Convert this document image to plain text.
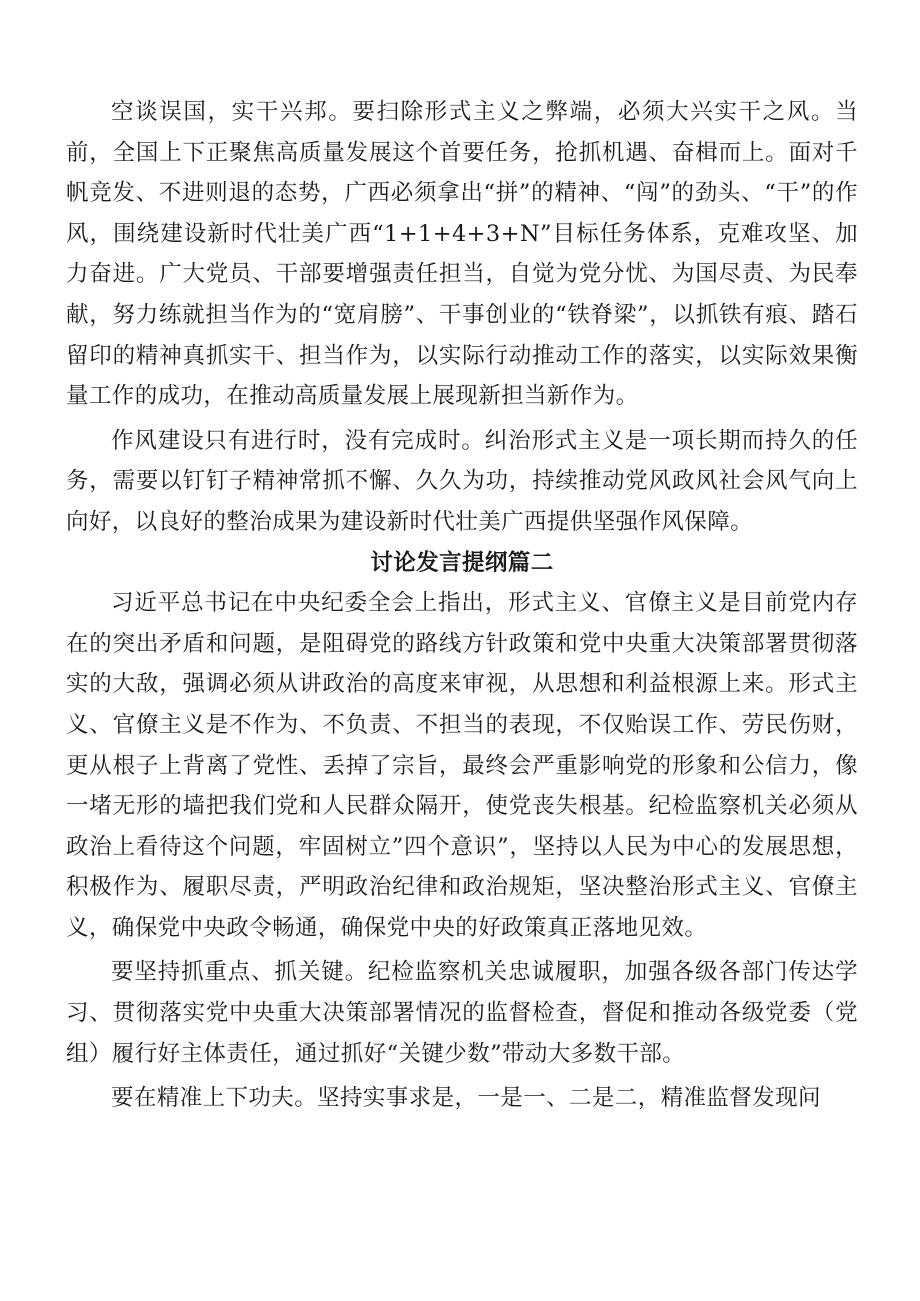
空谈误国，实干兴邦。要扫除形式主义之弊端，必须大兴实干之风。当前，全国上下正聚焦高质量发展这个首要任务，抢抓机遇、奋楫而上。面对千帆竞发、不进则退的态势，广西必须拿出“拼”的精神、“闯”的劲头、“干”的作风，围绕建设新时代壮美广西“1+1+4+3+N”目标任务体系，克难攻坚、加力奋进。广大党员、干部要增强责任担当，自觉为党分忧、为国尽责、为民奉献，努力练就担当作为的“宽肩膀”、干事创业的“铁脊梁”，以抓铁有痕、踏石留印的精神真抓实干、担当作为，以实际行动推动工作的落实，以实际效果衡量工作的成功，在推动高质量发展上展现新担当新作为。

作风建设只有进行时，没有完成时。纠治形式主义是一项长期而持久的任务，需要以钉钉子精神常抓不懈、久久为功，持续推动党风政风社会风气向上向好，以良好的整治成果为建设新时代壮美广西提供坚强作风保障。

讨论发言提纲篇二

习近平总书记在中央纪委全会上指出，形式主义、官僚主义是目前党内存在的突出矛盾和问题，是阻碍党的路线方针政策和党中央重大决策部署贯彻落实的大敌，强调必须从讲政治的高度来审视，从思想和利益根源上来。形式主义、官僚主义是不作为、不负责、不担当的表现，不仅贻误工作、劳民伤财，更从根子上背离了党性、丢掉了宗旨，最终会严重影响党的形象和公信力，像一堵无形的墙把我们党和人民群众隔开，使党丧失根基。纪检监察机关必须从政治上看待这个问题，牢固树立”四个意识”，坚持以人民为中心的发展思想，积极作为、履职尽责，严明政治纪律和政治规矩，坚决整治形式主义、官僚主义，确保党中央政令畅通，确保党中央的好政策真正落地见效。

要坚持抓重点、抓关键。纪检监察机关忠诚履职，加强各级各部门传达学习、贯彻落实党中央重大决策部署情况的监督检查，督促和推动各级党委（党组）履行好主体责任，通过抓好“关键少数”带动大多数干部。

要在精准上下功夫。坚持实事求是，一是一、二是二，精准监督发现问
